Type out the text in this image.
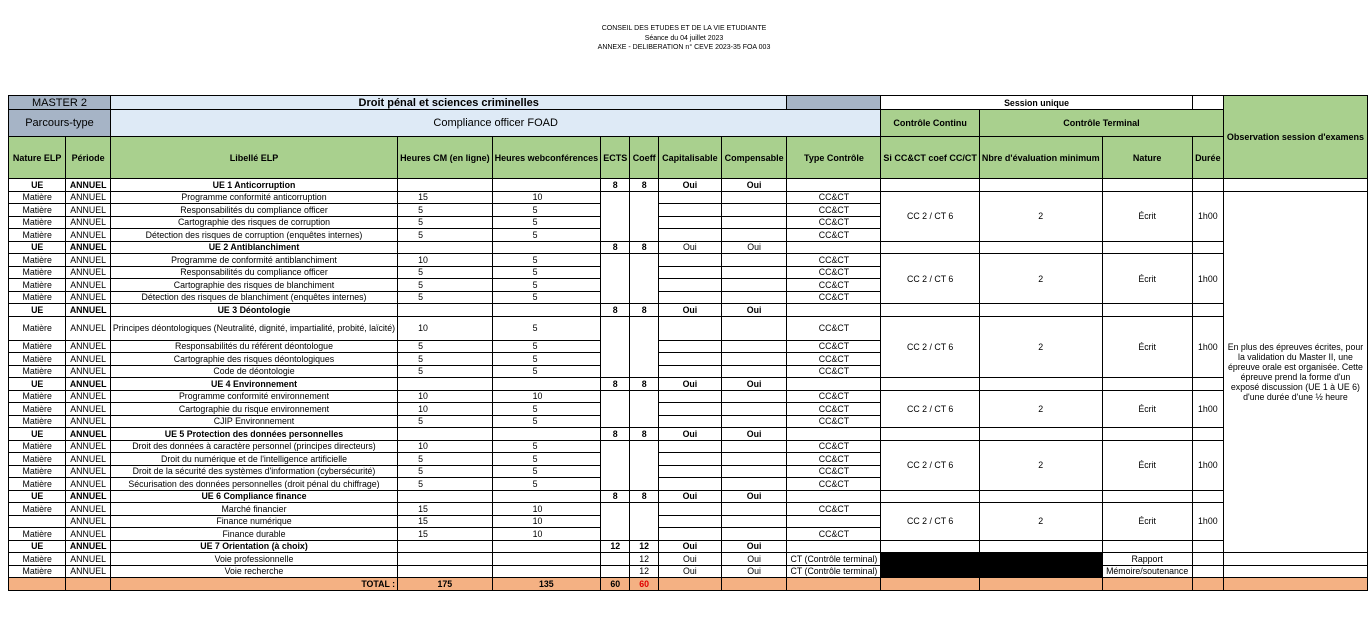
CONSEIL DES ETUDES ET DE LA VIE ETUDIANTE
Séance du 04 juillet 2023
ANNEXE - DELIBERATION n° CEVE 2023-35 FOA 003
MASTER 2		Droit pénal et sciences criminelles								Session unique				Observation session d'examens
Parcours-type		Compliance officer FOAD								Contrôle Continu	Contrôle Terminal			
Nature ELP	Période	Libellé ELP	Heures CM (en ligne)	Heures webconférences	ECTS	Coeff	Capitalisable	Compensable	Type Contrôle	Si CC&CT coef CC/CT	Nbre d'évaluation minimum	Nature	Durée	
UE	ANNUEL	UE 1 Anticorruption			8	8	Oui	Oui						
Matière	ANNUEL	Programme conformité anticorruption	15	10					CC&CT	CC 2 / CT 6	2	Écrit	1h00	En plus des épreuves écrites, pour la validation du Master II, une épreuve orale est organisée. Cette épreuve prend la forme d'un exposé discussion (UE 1 à UE 6) d'une durée d'une ½ heure
Matière	ANNUEL	Responsabilités du compliance officer	5	5					CC&CT					
Matière	ANNUEL	Cartographie des risques de corruption	5	5					CC&CT					
Matière	ANNUEL	Détection des risques de corruption (enquêtes internes)	5	5					CC&CT					
UE	ANNUEL	UE 2 Antiblanchiment			8	8	Oui	Oui						
Matière	ANNUEL	Programme de conformité antiblanchiment	10	5					CC&CT	CC 2 / CT 6	2	Écrit	1h00	
Matière	ANNUEL	Responsabilités du compliance officer	5	5					CC&CT					
Matière	ANNUEL	Cartographie des risques de blanchiment	5	5					CC&CT					
Matière	ANNUEL	Détection des risques de blanchiment (enquêtes internes)	5	5					CC&CT					
UE	ANNUEL	UE 3 Déontologie			8	8	Oui	Oui						
Matière	ANNUEL	Principes déontologiques (Neutralité, dignité, impartialité, probité, laïcité)	10	5					CC&CT	CC 2 / CT 6	2	Écrit	1h00	
Matière	ANNUEL	Responsabilités du référent déontologue	5	5					CC&CT					
Matière	ANNUEL	Cartographie des risques déontologiques	5	5					CC&CT					
Matière	ANNUEL	Code de déontologie	5	5					CC&CT					
UE	ANNUEL	UE 4 Environnement			8	8	Oui	Oui						
Matière	ANNUEL	Programme conformité environnement	10	10					CC&CT	CC 2 / CT 6	2	Écrit	1h00	
Matière	ANNUEL	Cartographie du risque environnement	10	5					CC&CT					
Matière	ANNUEL	CJIP Environnement	5	5					CC&CT					
UE	ANNUEL	UE 5 Protection des données personnelles			8	8	Oui	Oui						
Matière	ANNUEL	Droit des données à caractère personnel (principes directeurs)	10	5					CC&CT	CC 2 / CT 6	2	Écrit	1h00	
Matière	ANNUEL	Droit du numérique et de l'intelligence artificielle	5	5					CC&CT					
Matière	ANNUEL	Droit de la sécurité des systèmes d'information (cybersécurité)	5	5					CC&CT					
Matière	ANNUEL	Sécurisation des données personnelles (droit pénal du chiffrage)	5	5					CC&CT					
UE	ANNUEL	UE 6 Compliance finance			8	8	Oui	Oui						
Matière	ANNUEL	Marché financier	15	10					CC&CT	CC 2 / CT 6	2	Écrit	1h00	
	ANNUEL	Finance numérique	15	10										
Matière	ANNUEL	Finance durable	15	10					CC&CT					
UE	ANNUEL	UE 7 Orientation (à choix)			12	12	Oui	Oui						
Matière	ANNUEL	Voie professionnelle				12	Oui	Oui	CT (Contrôle terminal)			Rapport		
Matière	ANNUEL	Voie recherche				12	Oui	Oui	CT (Contrôle terminal)			Mémoire/soutenance		
		TOTAL :	175	135	60	60								
